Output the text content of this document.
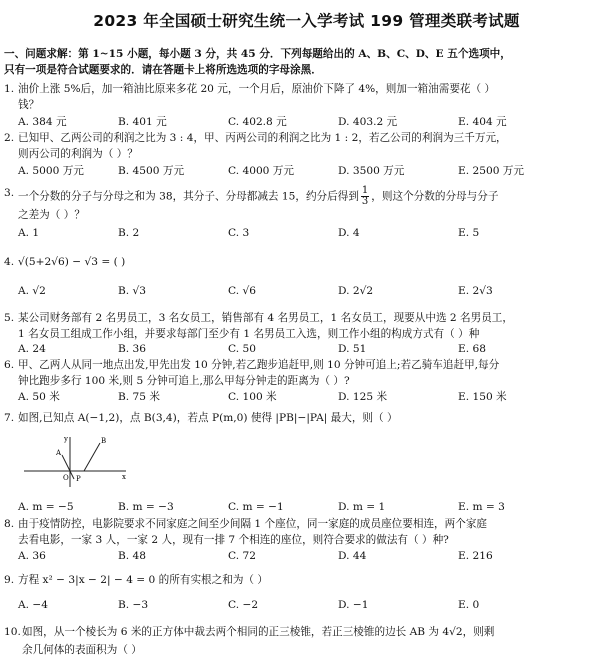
2023 年全国硕士研究生统一入学考试 199 管理类联考试题
一、问题求解：第 1~15 小题，每小题 3 分，共 45 分．下列每题给出的 A、B、C、D、E 五个选项中，
只有一项是符合试题要求的．请在答题卡上将所选选项的字母涂黑．
1. 油价上涨 5%后，加一箱油比原来多花 20 元，一个月后，原油价下降了 4%，则加一箱油需要花（ ）
钱？
A. 384 元	B. 401 元	C. 402.8 元	D. 403.2 元	E. 404 元
2. 已知甲、乙两公司的利润之比为 3 : 4，甲、丙两公司的利润之比为 1 : 2，若乙公司的利润为三千万元，
则丙公司的利润为（ ）？
A. 5000 万元	B. 4500 万元	C. 4000 万元	D. 3500 万元	E. 2500 万元
3. 一个分数的分子与分母之和为 38，其分子、分母都减去 15，约分后得到 $\frac{1}{3}$ ，则这个分数的分母与分子
之差为（ ）？
A. 1	B. 2	C. 3	D. 4	E. 5
4. √(5+2√6) − √3 = ( )
A. √2	B. √3	C. √6	D. 2√2	E. 2√3
5. 某公司财务部有 2 名男员工，3 名女员工，销售部有 4 名男员工，1 名女员工，现要从中选 2 名男员工，
1 名女员工组成工作小组，并要求每部门至少有 1 名男员工入选，则工作小组的构成方式有（ ）种
A. 24	B. 36	C. 50	D. 51	E. 68
6. 甲、乙两人从同一地点出发,甲先出发 10 分钟,若乙跑步追赶甲,则 10 分钟可追上;若乙骑车追赶甲,每分
钟比跑步多行 100 米,则 5 分钟可追上,那么甲每分钟走的距离为（ ）?
A. 50 米	B. 75 米	C. 100 米	D. 125 米	E. 150 米
7. 如图,已知点 A(−1,2)，点 B(3,4)，若点 P(m,0) 使得 |PB|−|PA| 最大，则（ ）
y
x
O
A
B
P
A. m = −5	B. m = −3	C. m = −1	D. m = 1	E. m = 3
8. 由于疫情防控，电影院要求不同家庭之间至少间隔 1 个座位，同一家庭的成员座位要相连，两个家庭
去看电影，一家 3 人，一家 2 人，现有一排 7 个相连的座位，则符合要求的做法有（ ）种?
A. 36	B. 48	C. 72	D. 44	E. 216
9. 方程 x² − 3|x − 2| − 4 = 0 的所有实根之和为（ ）
A. −4	B. −3	C. −2	D. −1	E. 0
10. 如图，从一个棱长为 6 米的正方体中裁去两个相同的正三棱锥，若正三棱锥的边长 AB 为 4√2，则剩
余几何体的表面积为（ ）
